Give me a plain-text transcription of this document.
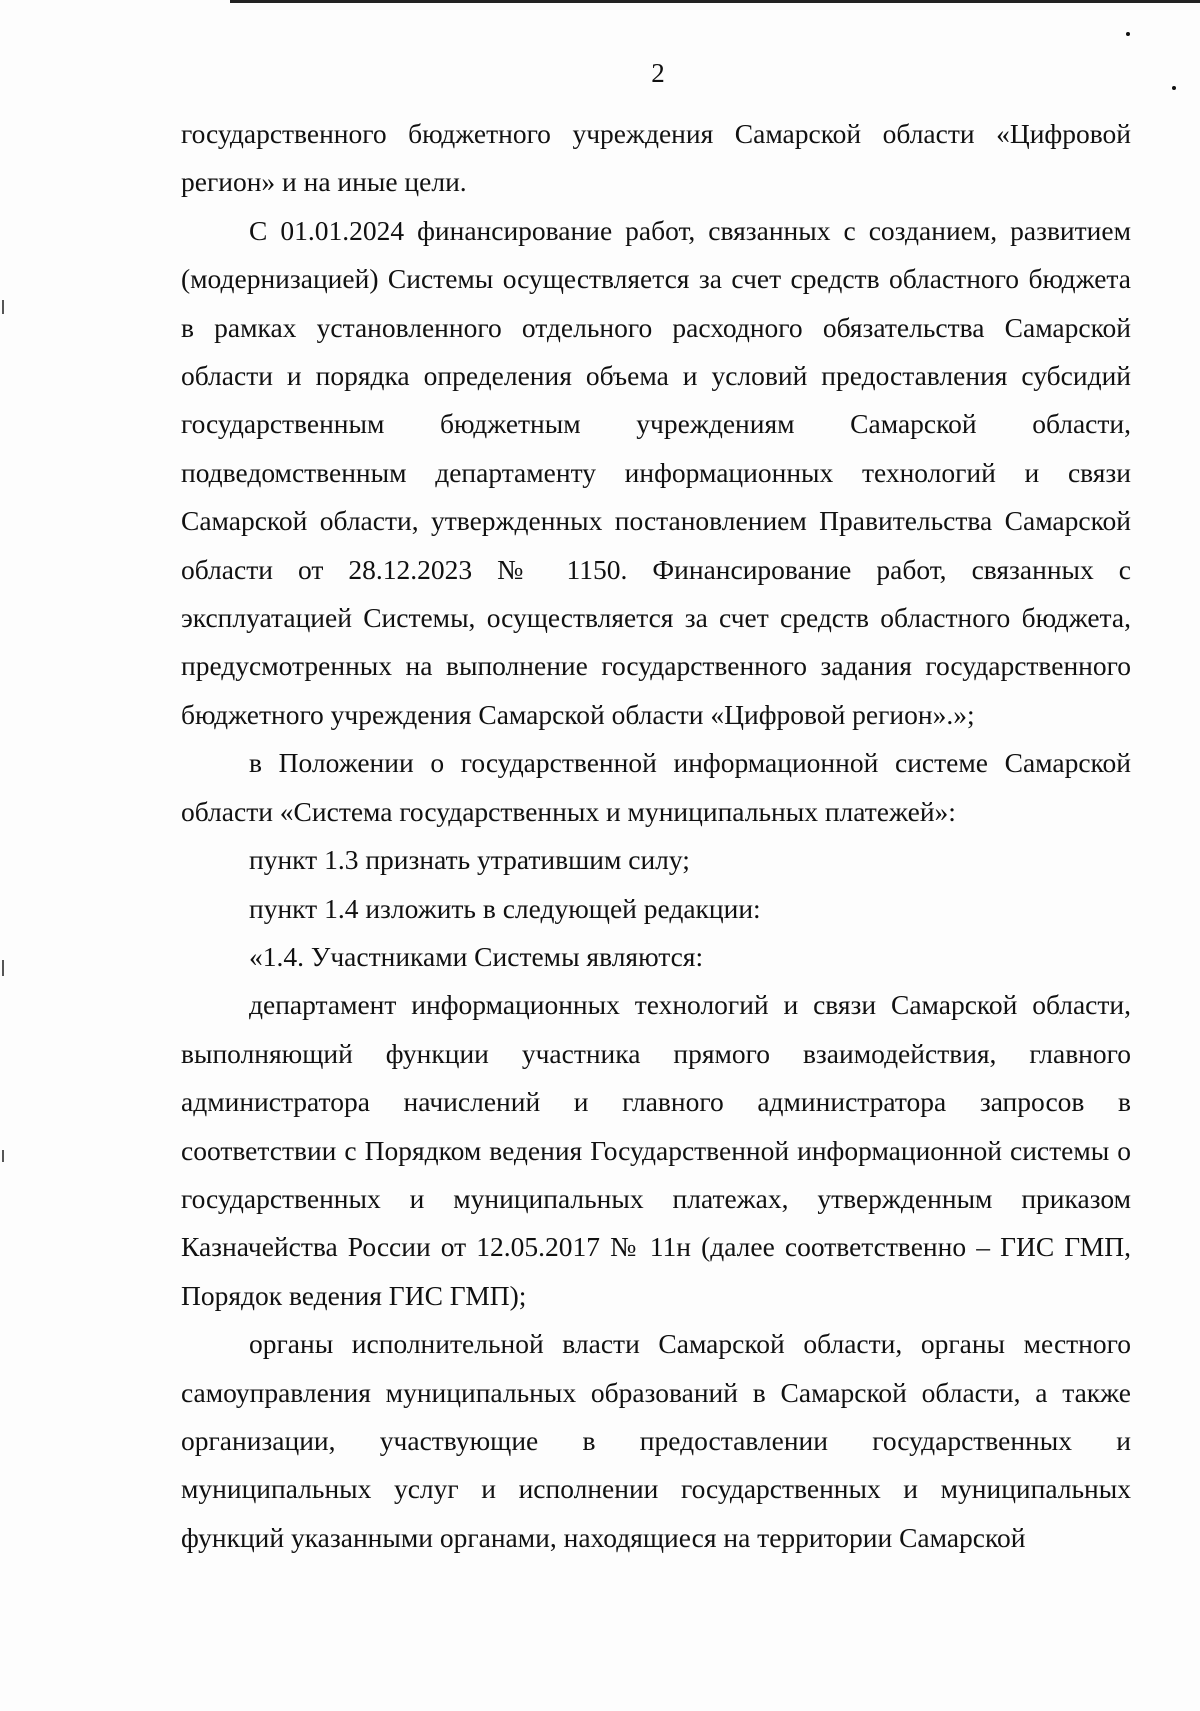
2

государственного бюджетного учреждения Самарской области «Цифровой регион» и на иные цели.

С 01.01.2024 финансирование работ, связанных с созданием, развитием (модернизацией) Системы осуществляется за счет средств областного бюджета в рамках установленного отдельного расходного обязательства Самарской области и порядка определения объема и условий предоставления субсидий государственным бюджетным учреждениям Самарской области, подведомственным департаменту информационных технологий и связи Самарской области, утвержденных постановлением Правительства Самарской области от 28.12.2023 № 1150. Финансирование работ, связанных с эксплуатацией Системы, осуществляется за счет средств областного бюджета, предусмотренных на выполнение государственного задания государственного бюджетного учреждения Самарской области «Цифровой регион».»;

в Положении о государственной информационной системе Самарской области «Система государственных и муниципальных платежей»:

пункт 1.3 признать утратившим силу;

пункт 1.4 изложить в следующей редакции:

«1.4. Участниками Системы являются:

департамент информационных технологий и связи Самарской области, выполняющий функции участника прямого взаимодействия, главного администратора начислений и главного администратора запросов в соответствии с Порядком ведения Государственной информационной системы о государственных и муниципальных платежах, утвержденным приказом Казначейства России от 12.05.2017 № 11н (далее соответственно – ГИС ГМП, Порядок ведения ГИС ГМП);

органы исполнительной власти Самарской области, органы местного самоуправления муниципальных образований в Самарской области, а также организации, участвующие в предоставлении государственных и муниципальных услуг и исполнении государственных и муниципальных функций указанными органами, находящиеся на территории Самарской
